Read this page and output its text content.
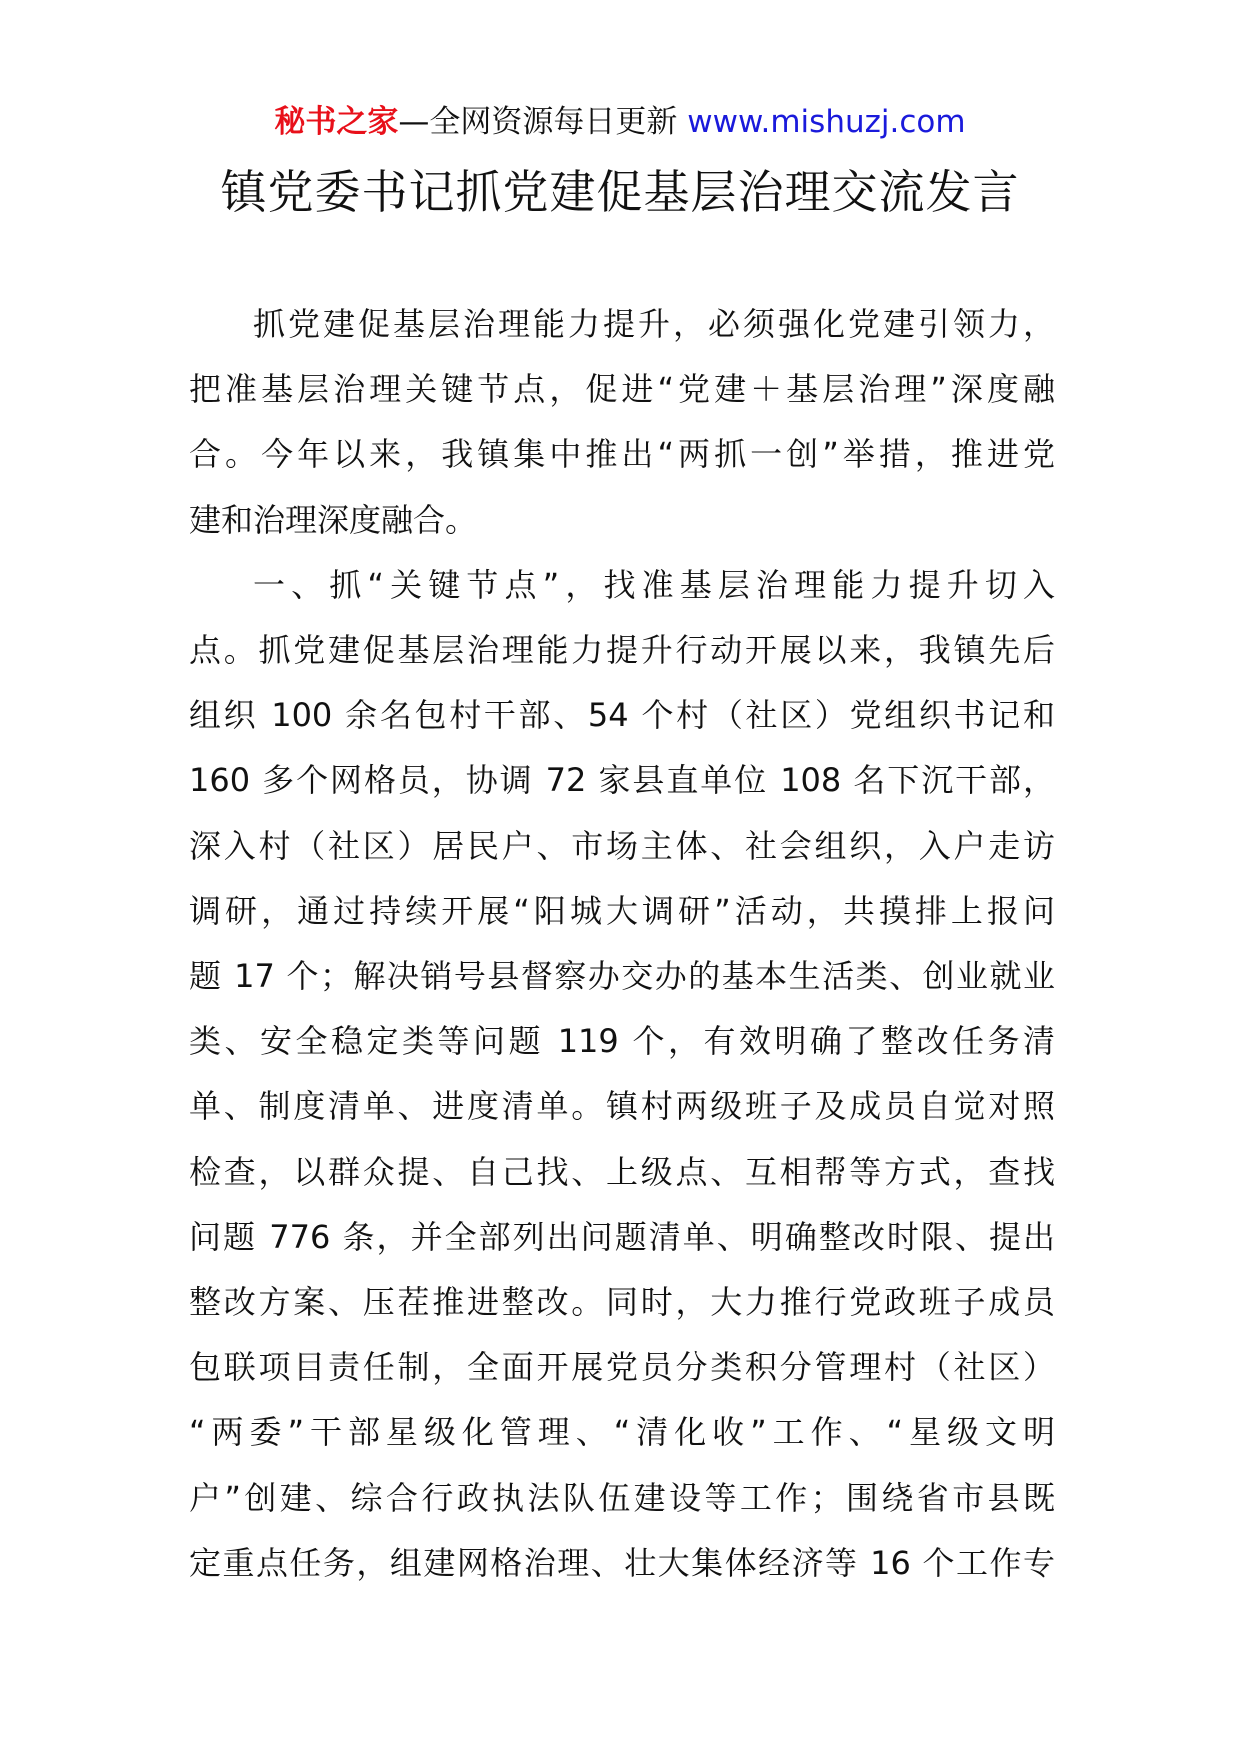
秘书之家—全网资源每日更新 www.mishuzj.com
镇党委书记抓党建促基层治理交流发言

抓党建促基层治理能力提升，必须强化党建引领力，
把准基层治理关键节点，促进“党建＋基层治理”深度融
合。今年以来，我镇集中推出“两抓一创”举措，推进党
建和治理深度融合。

一、抓“关键节点”，找准基层治理能力提升切入
点。抓党建促基层治理能力提升行动开展以来，我镇先后
组织 100 余名包村干部、54 个村（社区）党组织书记和
160 多个网格员，协调 72 家县直单位 108 名下沉干部，
深入村（社区）居民户、市场主体、社会组织，入户走访
调研，通过持续开展“阳城大调研”活动，共摸排上报问
题 17 个；解决销号县督察办交办的基本生活类、创业就业
类、安全稳定类等问题 119 个，有效明确了整改任务清
单、制度清单、进度清单。镇村两级班子及成员自觉对照
检查，以群众提、自己找、上级点、互相帮等方式，查找
问题 776 条，并全部列出问题清单、明确整改时限、提出
整改方案、压茬推进整改。同时，大力推行党政班子成员
包联项目责任制，全面开展党员分类积分管理村（社区）
“两委”干部星级化管理、“清化收”工作、“星级文明
户”创建、综合行政执法队伍建设等工作；围绕省市县既
定重点任务，组建网格治理、壮大集体经济等 16 个工作专
